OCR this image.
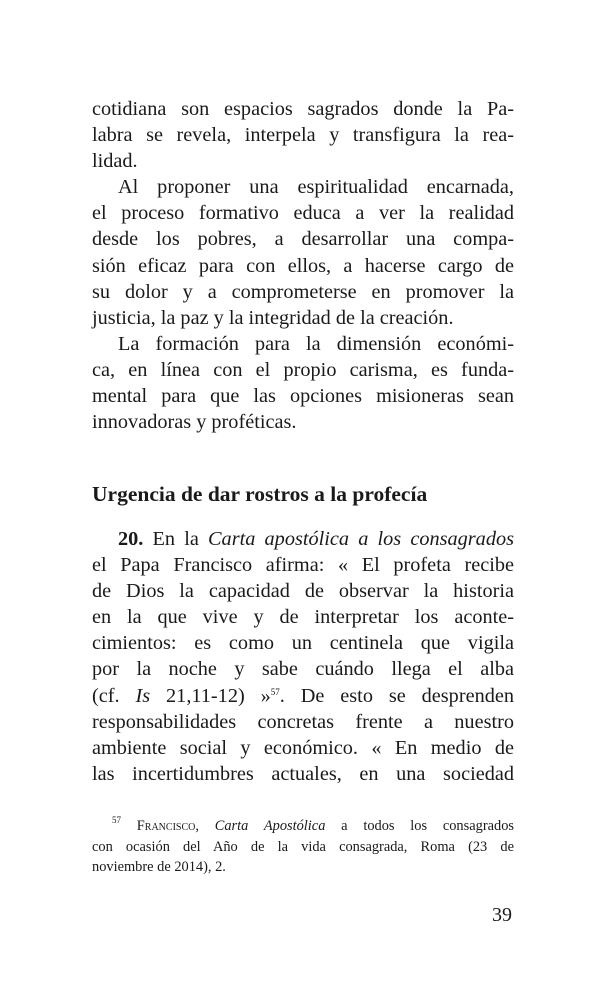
cotidiana son espacios sagrados donde la Pa-
labra se revela, interpela y transfigura la rea-
lidad.

Al proponer una espiritualidad encarnada,
el proceso formativo educa a ver la realidad
desde los pobres, a desarrollar una compa-
sión eficaz para con ellos, a hacerse cargo de
su dolor y a comprometerse en promover la
justicia, la paz y la integridad de la creación.

La formación para la dimensión económi-
ca, en línea con el propio carisma, es funda-
mental para que las opciones misioneras sean
innovadoras y proféticas.

Urgencia de dar rostros a la profecía

20. En la Carta apostólica a los consagrados
el Papa Francisco afirma: « El profeta recibe
de Dios la capacidad de observar la historia
en la que vive y de interpretar los aconte-
cimientos: es como un centinela que vigila
por la noche y sabe cuándo llega el alba
(cf. Is 21,11-12) »$^{57}$. De esto se desprenden
responsabilidades concretas frente a nuestro
ambiente social y económico. « En medio de
las incertidumbres actuales, en una sociedad

$^{57}$ Francisco, Carta Apostólica a todos los consagrados
con ocasión del Año de la vida consagrada, Roma (23 de
noviembre de 2014), 2.
39
